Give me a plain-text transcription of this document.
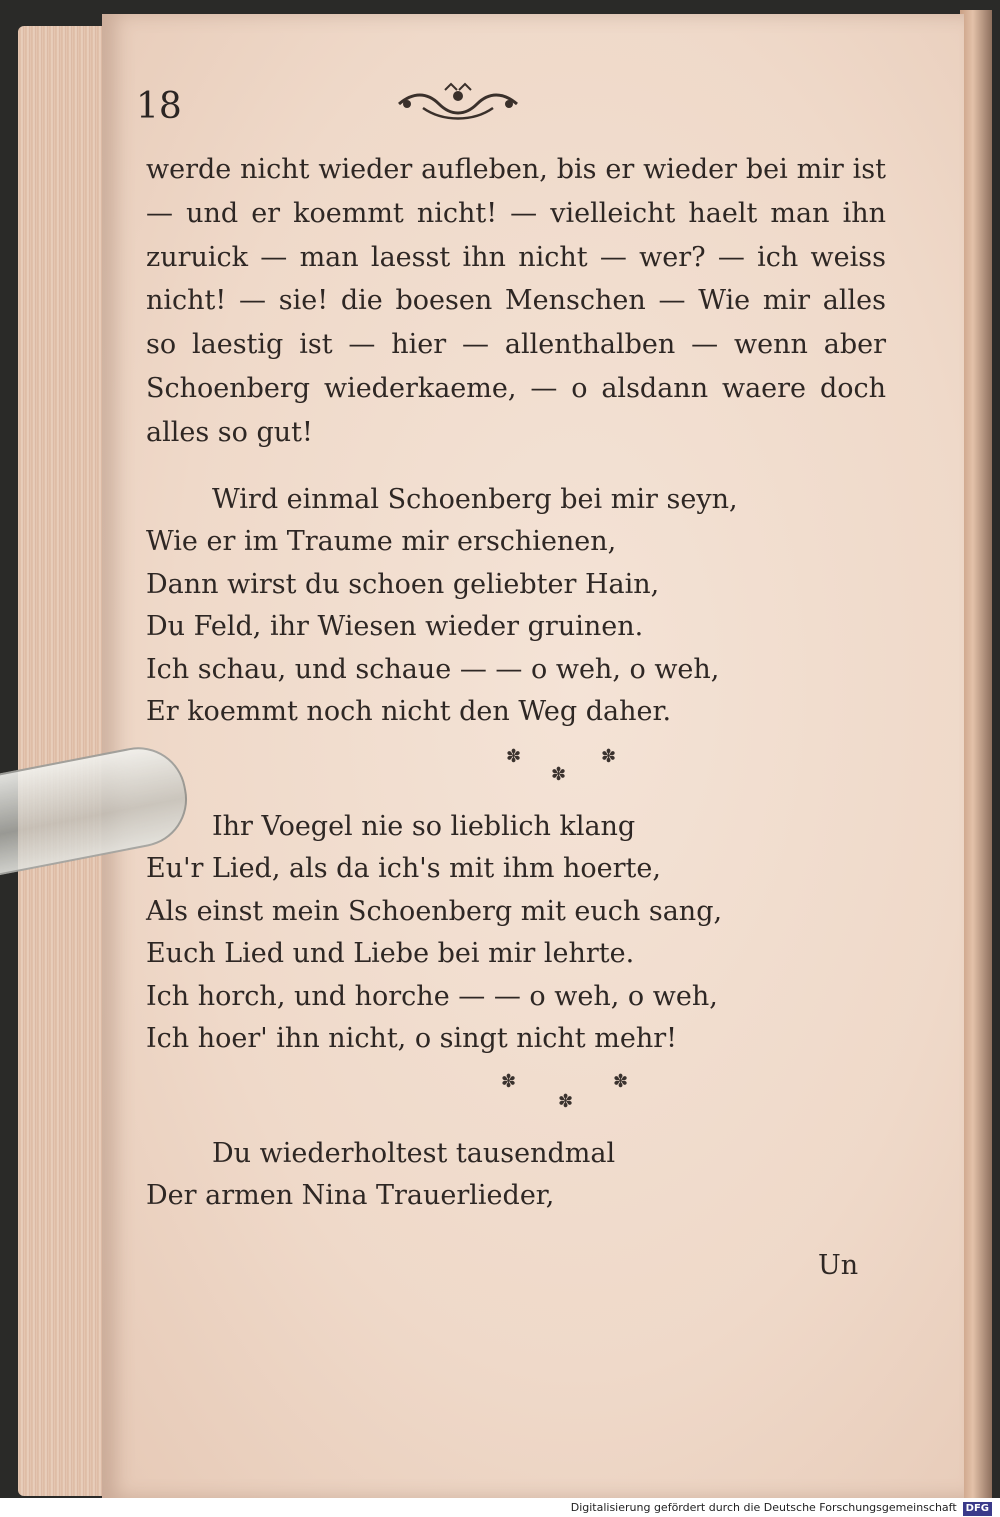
18

werde nicht wieder aufleben, bis er wieder bei mir ist — und er koemmt nicht! — vielleicht haelt man ihn zuruick — man laesst ihn nicht — wer? — ich weiss nicht! — sie! die boesen Menschen — Wie mir alles so laestig ist — hier — allenthalben — wenn aber Schoenberg wiederkaeme, — o alsdann waere doch alles so gut!

Wird einmal Schoenberg bei mir seyn,
Wie er im Traume mir erschienen,
Dann wirst du schoen geliebter Hain,
Du Feld, ihr Wiesen wieder gruinen.
Ich schau, und schaue — — o weh, o weh,
Er koemmt noch nicht den Weg daher.
✽
✽
✽
Ihr Voegel nie so lieblich klang
Eu'r Lied, als da ich's mit ihm hoerte,
Als einst mein Schoenberg mit euch sang,
Euch Lied und Liebe bei mir lehrte.
Ich horch, und horche — — o weh, o weh,
Ich hoer' ihn nicht, o singt nicht mehr!
✽
✽
✽
Du wiederholtest tausendmal
Der armen Nina Trauerlieder,
Un
Digitalisierung gefördert durch die Deutsche Forschungsgemeinschaft DFG
